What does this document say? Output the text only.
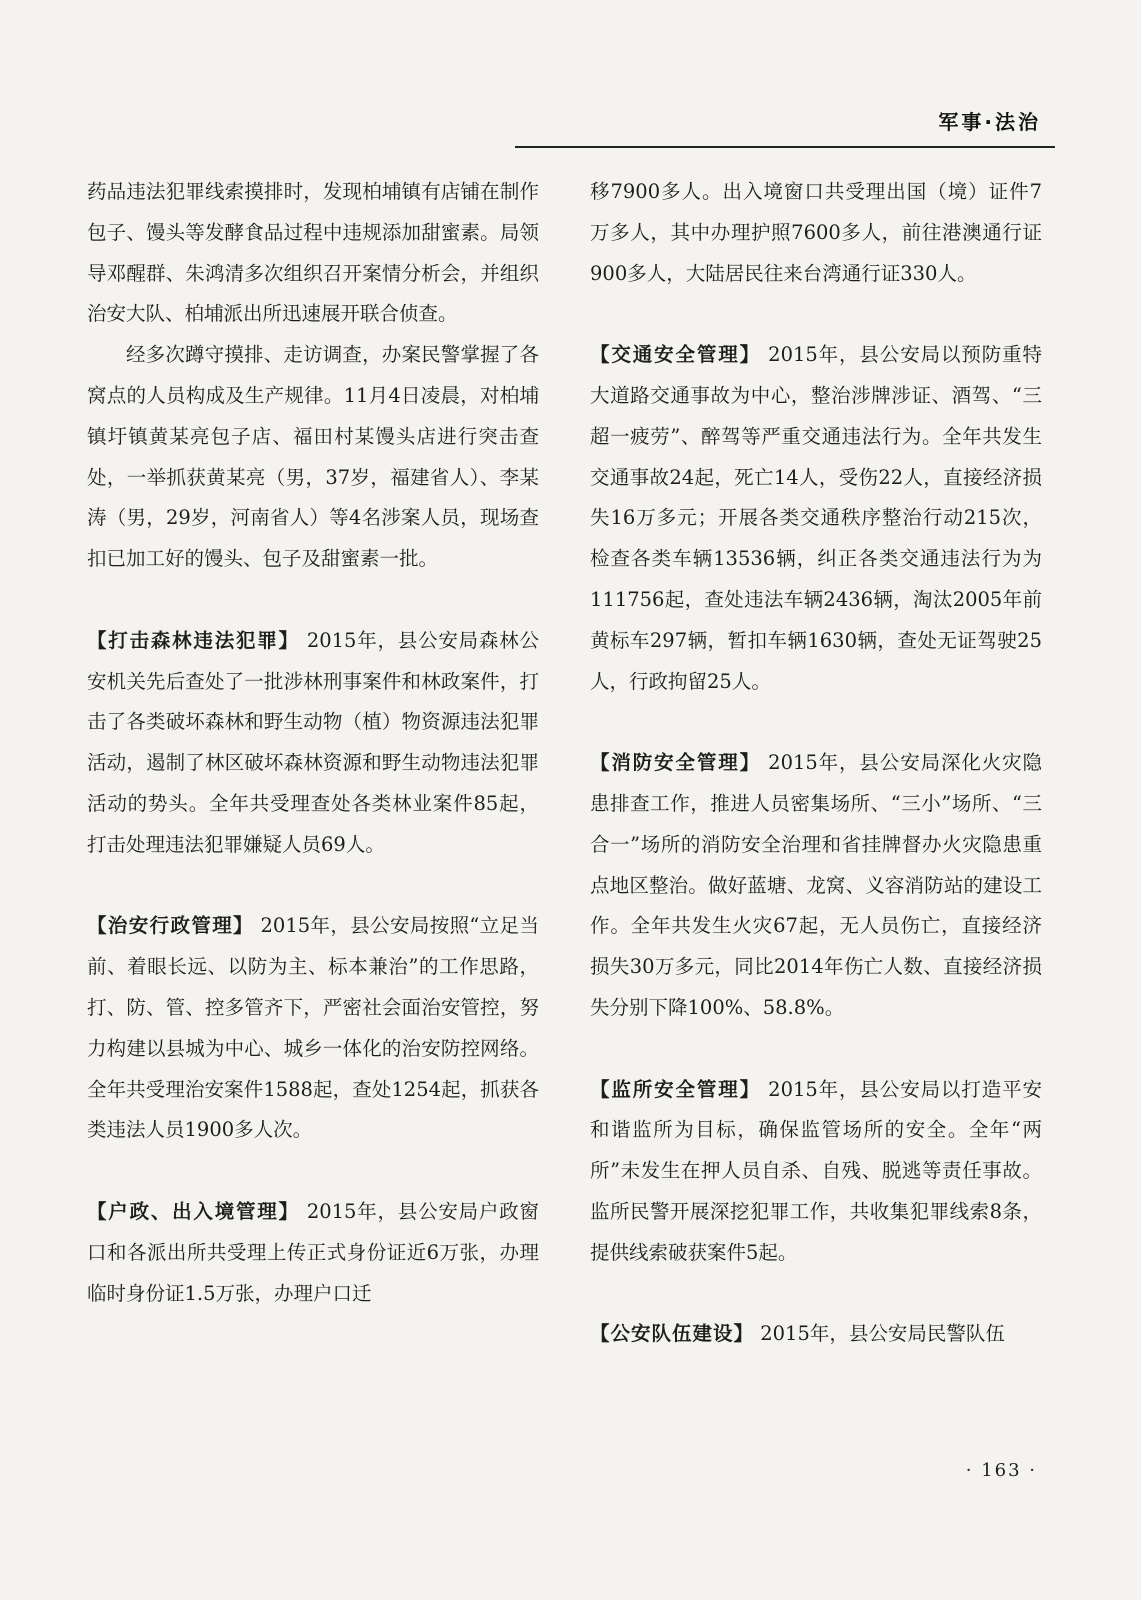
军事·法治

药品违法犯罪线索摸排时，发现柏埔镇有店铺在制作包子、馒头等发酵食品过程中违规添加甜蜜素。局领导邓醒群、朱鸿清多次组织召开案情分析会，并组织治安大队、柏埔派出所迅速展开联合侦查。

经多次蹲守摸排、走访调查，办案民警掌握了各窝点的人员构成及生产规律。11月4日凌晨，对柏埔镇圩镇黄某亮包子店、福田村某馒头店进行突击查处，一举抓获黄某亮（男，37岁，福建省人）、李某涛（男，29岁，河南省人）等4名涉案人员，现场查扣已加工好的馒头、包子及甜蜜素一批。

【打击森林违法犯罪】 2015年，县公安局森林公安机关先后查处了一批涉林刑事案件和林政案件，打击了各类破坏森林和野生动物（植）物资源违法犯罪活动，遏制了林区破坏森林资源和野生动物违法犯罪活动的势头。全年共受理查处各类林业案件85起，打击处理违法犯罪嫌疑人员69人。

【治安行政管理】 2015年，县公安局按照“立足当前、着眼长远、以防为主、标本兼治”的工作思路，打、防、管、控多管齐下，严密社会面治安管控，努力构建以县城为中心、城乡一体化的治安防控网络。全年共受理治安案件1588起，查处1254起，抓获各类违法人员1900多人次。

【户政、出入境管理】 2015年，县公安局户政窗口和各派出所共受理上传正式身份证近6万张，办理临时身份证1.5万张，办理户口迁

移7900多人。出入境窗口共受理出国（境）证件7万多人，其中办理护照7600多人，前往港澳通行证900多人，大陆居民往来台湾通行证330人。

【交通安全管理】 2015年，县公安局以预防重特大道路交通事故为中心，整治涉牌涉证、酒驾、“三超一疲劳”、醉驾等严重交通违法行为。全年共发生交通事故24起，死亡14人，受伤22人，直接经济损失16万多元；开展各类交通秩序整治行动215次，检查各类车辆13536辆，纠正各类交通违法行为为111756起，查处违法车辆2436辆，淘汰2005年前黄标车297辆，暂扣车辆1630辆，查处无证驾驶25人，行政拘留25人。

【消防安全管理】 2015年，县公安局深化火灾隐患排查工作，推进人员密集场所、“三小”场所、“三合一”场所的消防安全治理和省挂牌督办火灾隐患重点地区整治。做好蓝塘、龙窝、义容消防站的建设工作。全年共发生火灾67起，无人员伤亡，直接经济损失30万多元，同比2014年伤亡人数、直接经济损失分别下降100%、58.8%。

【监所安全管理】 2015年，县公安局以打造平安和谐监所为目标，确保监管场所的安全。全年“两所”未发生在押人员自杀、自残、脱逃等责任事故。监所民警开展深挖犯罪工作，共收集犯罪线索8条，提供线索破获案件5起。

【公安队伍建设】 2015年，县公安局民警队伍

· 163 ·
